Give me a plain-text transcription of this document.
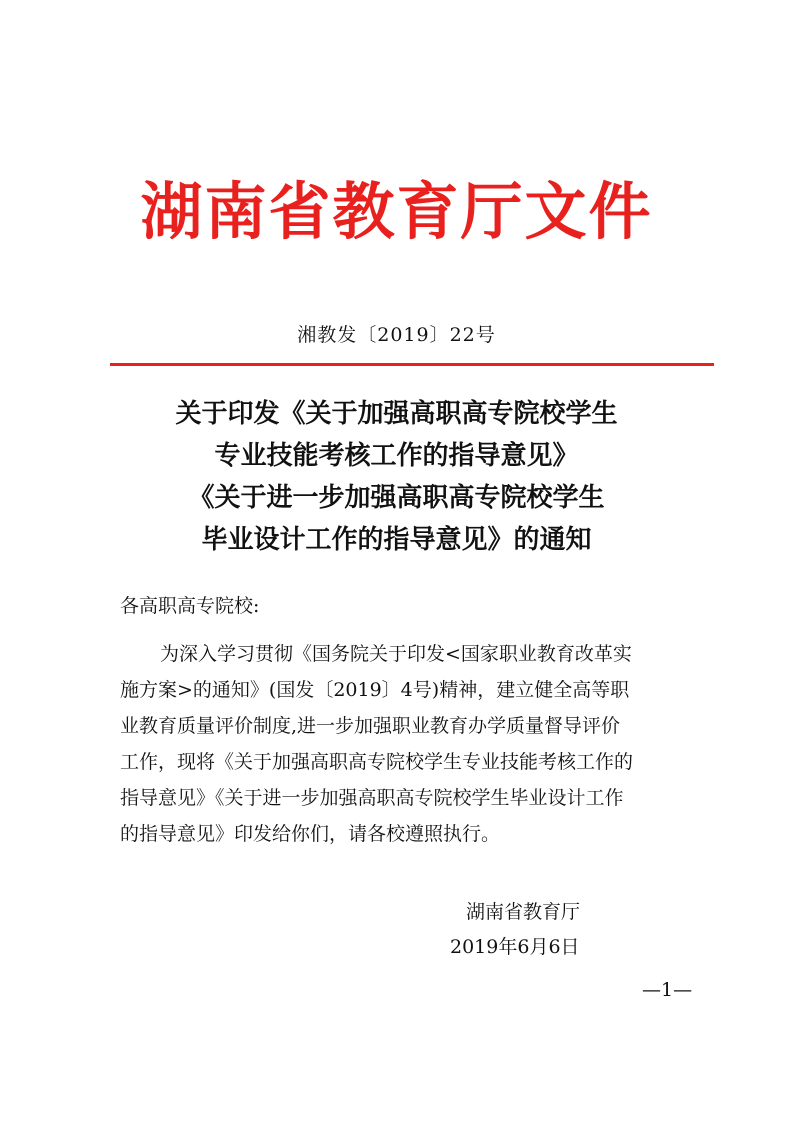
湖南省教育厅文件
湘教发〔2019〕22号
关于印发《关于加强高职高专院校学生
专业技能考核工作的指导意见》
《关于进一步加强高职高专院校学生
毕业设计工作的指导意见》的通知
各高职高专院校:
为深入学习贯彻《国务院关于印发<国家职业教育改革实
施方案>的通知》(国发〔2019〕4号)精神，建立健全高等职
业教育质量评价制度,进一步加强职业教育办学质量督导评价
工作，现将《关于加强高职高专院校学生专业技能考核工作的
指导意见》《关于进一步加强高职高专院校学生毕业设计工作
的指导意见》印发给你们，请各校遵照执行。
湖南省教育厅
2019年6月6日
—1—
